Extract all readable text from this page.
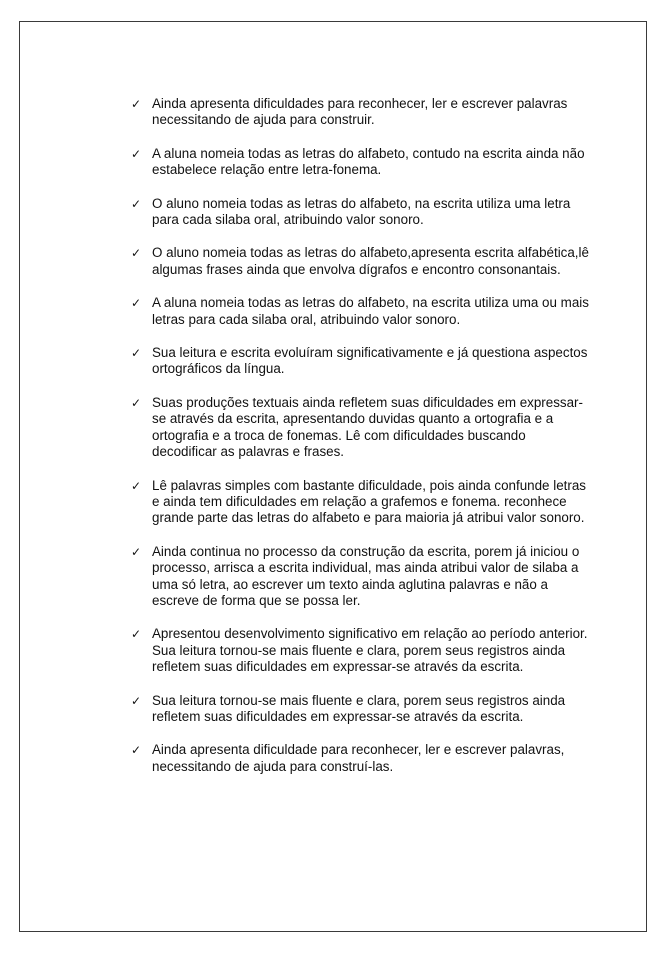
✓ Ainda apresenta dificuldades para reconhecer, ler e escrever palavras necessitando de ajuda para construir.
✓ A aluna nomeia todas as letras do alfabeto, contudo na escrita ainda não estabelece relação entre letra-fonema.
✓ O aluno nomeia todas as letras do alfabeto, na escrita utiliza uma letra para cada silaba oral, atribuindo valor sonoro.
✓ O aluno nomeia todas as letras do alfabeto,apresenta escrita alfabética,lê algumas frases ainda que envolva dígrafos e encontro consonantais.
✓ A aluna nomeia todas as letras do alfabeto, na escrita utiliza uma ou mais letras para cada silaba oral, atribuindo valor sonoro.
✓ Sua leitura e escrita evoluíram significativamente e já questiona aspectos ortográficos da língua.
✓ Suas produções textuais ainda refletem suas dificuldades em expressar-se através da escrita, apresentando duvidas quanto a ortografia e a ortografia e a troca de fonemas. Lê com dificuldades buscando decodificar as palavras e frases.
✓ Lê palavras simples com bastante dificuldade, pois ainda confunde letras e ainda tem dificuldades em relação a grafemos e fonema. reconhece grande parte das letras do alfabeto e para maioria já atribui valor sonoro.
✓ Ainda continua no processo da construção da escrita, porem já iniciou o processo, arrisca a escrita individual, mas ainda atribui valor de silaba a uma só letra, ao escrever um texto ainda aglutina palavras e não a escreve de forma que se possa ler.
✓ Apresentou desenvolvimento significativo em relação ao período anterior. Sua leitura tornou-se mais fluente e clara, porem seus registros ainda refletem suas dificuldades em expressar-se através da escrita.
✓ Sua leitura tornou-se mais fluente e clara, porem seus registros ainda refletem suas dificuldades em expressar-se através da escrita.
✓ Ainda apresenta dificuldade para reconhecer, ler e escrever palavras, necessitando de ajuda para construí-las.
